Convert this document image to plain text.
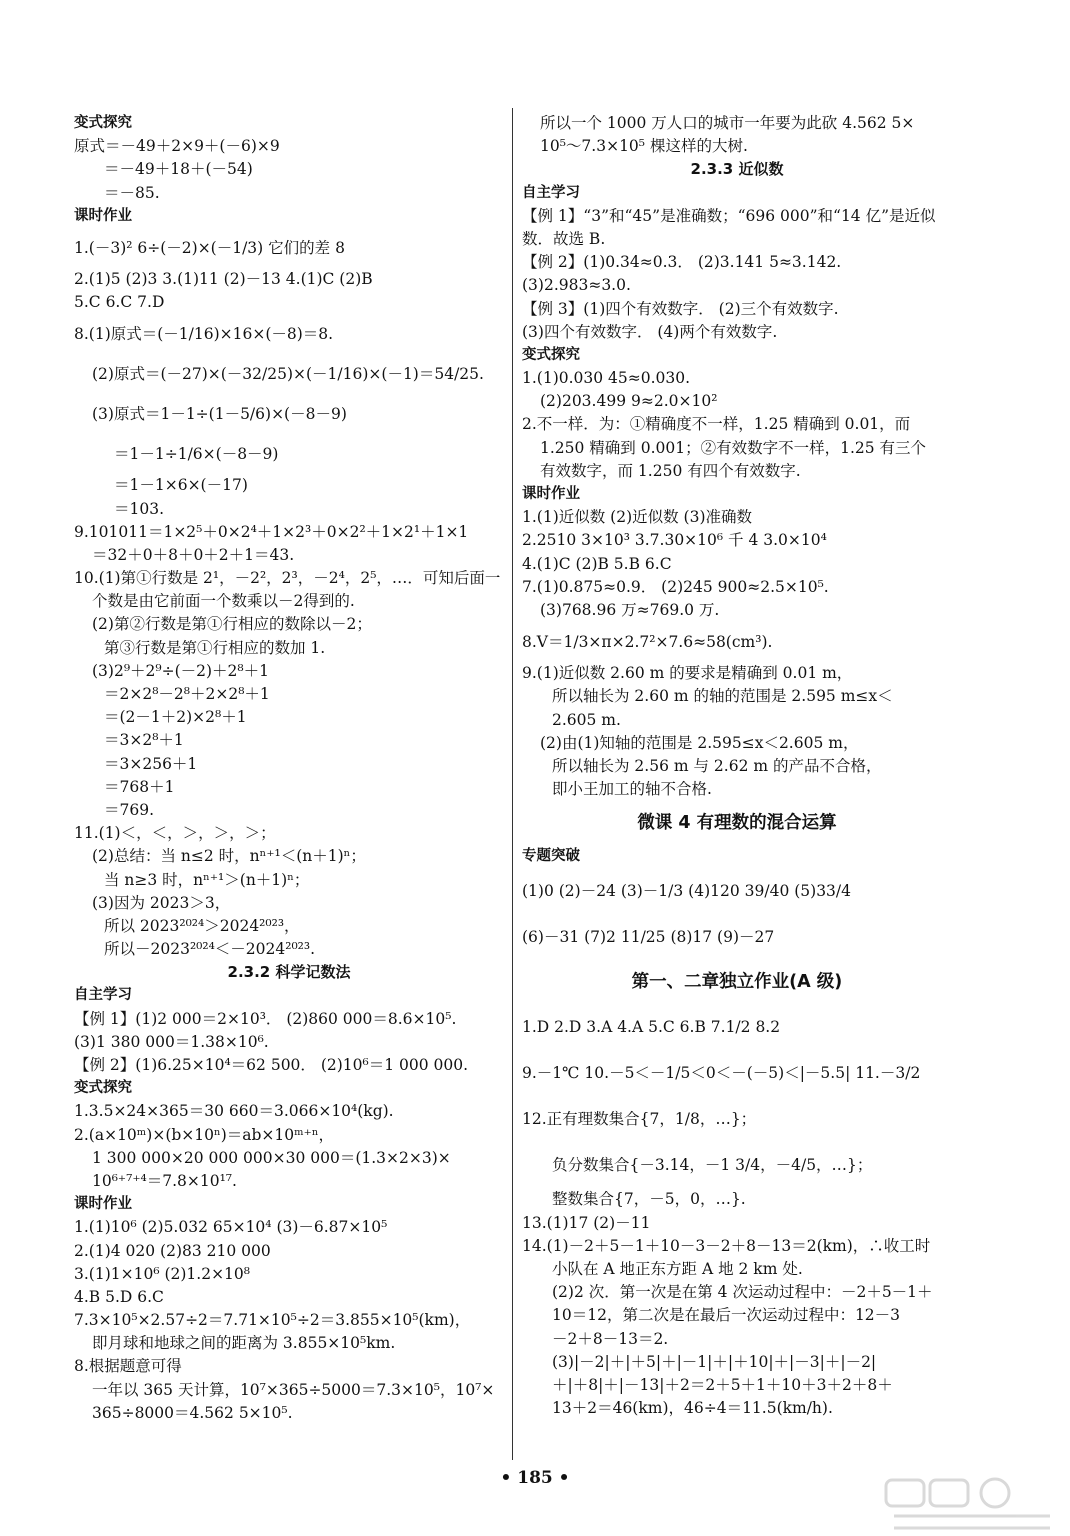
变式探究
原式＝－49＋2×9＋(－6)×9
＝－49＋18＋(－54)
＝－85.
课时作业
1.(－3)² 6÷(－2)×(－1/3) 它们的差 8
2.(1)5 (2)3 3.(1)11 (2)－13 4.(1)C (2)B
5.C 6.C 7.D
8.(1)原式＝(－1/16)×16×(－8)＝8.
(2)原式＝(－27)×(－32/25)×(－1/16)×(－1)＝54/25.
(3)原式＝1－1÷(1－5/6)×(－8－9)
＝1－1÷1/6×(－8－9)
＝1－1×6×(－17)
＝103.
9.101011＝1×2⁵＋0×2⁴＋1×2³＋0×2²＋1×2¹＋1×1
＝32＋0＋8＋0＋2＋1＝43.
10.(1)第①行数是 2¹，－2²，2³，－2⁴，2⁵，…．可知后面一
个数是由它前面一个数乘以－2得到的.
(2)第②行数是第①行相应的数除以－2；
第③行数是第①行相应的数加 1.
(3)2⁹＋2⁹÷(－2)＋2⁸＋1
＝2×2⁸－2⁸＋2×2⁸＋1
＝(2－1＋2)×2⁸＋1
＝3×2⁸＋1
＝3×256＋1
＝768＋1
＝769.
11.(1)＜，＜，＞，＞，＞；
(2)总结：当 n≤2 时，nⁿ⁺¹＜(n＋1)ⁿ；
当 n≥3 时，nⁿ⁺¹＞(n＋1)ⁿ；
(3)因为 2023＞3，
所以 2023²⁰²⁴＞2024²⁰²³，
所以－2023²⁰²⁴＜－2024²⁰²³.
2.3.2 科学记数法
自主学习
【例 1】(1)2 000＝2×10³． (2)860 000＝8.6×10⁵.
(3)1 380 000＝1.38×10⁶.
【例 2】(1)6.25×10⁴＝62 500． (2)10⁶＝1 000 000.
变式探究
1.3.5×24×365＝30 660＝3.066×10⁴(kg).
2.(a×10ᵐ)×(b×10ⁿ)＝ab×10ᵐ⁺ⁿ，
1 300 000×20 000 000×30 000＝(1.3×2×3)×
10⁶⁺⁷⁺⁴＝7.8×10¹⁷.
课时作业
1.(1)10⁶ (2)5.032 65×10⁴ (3)－6.87×10⁵
2.(1)4 020 (2)83 210 000
3.(1)1×10⁶ (2)1.2×10⁸
4.B 5.D 6.C
7.3×10⁵×2.57÷2＝7.71×10⁵÷2＝3.855×10⁵(km)，
即月球和地球之间的距离为 3.855×10⁵km.
8.根据题意可得
一年以 365 天计算，10⁷×365÷5000＝7.3×10⁵，10⁷×
365÷8000＝4.562 5×10⁵.
所以一个 1000 万人口的城市一年要为此砍 4.562 5×
10⁵～7.3×10⁵ 棵这样的大树.
2.3.3 近似数
自主学习
【例 1】“3”和“45”是准确数；“696 000”和“14 亿”是近似
数．故选 B.
【例 2】(1)0.34≈0.3． (2)3.141 5≈3.142.
(3)2.983≈3.0.
【例 3】(1)四个有效数字． (2)三个有效数字.
(3)四个有效数字． (4)两个有效数字.
变式探究
1.(1)0.030 45≈0.030.
(2)203.499 9≈2.0×10²
2.不一样．为：①精确度不一样，1.25 精确到 0.01，而
1.250 精确到 0.001；②有效数字不一样，1.25 有三个
有效数字，而 1.250 有四个有效数字.
课时作业
1.(1)近似数 (2)近似数 (3)准确数
2.2510 3×10³ 3.7.30×10⁶ 千 4 3.0×10⁴
4.(1)C (2)B 5.B 6.C
7.(1)0.875≈0.9． (2)245 900≈2.5×10⁵.
(3)768.96 万≈769.0 万.
8.V＝1/3×π×2.7²×7.6≈58(cm³).
9.(1)近似数 2.60 m 的要求是精确到 0.01 m，
所以轴长为 2.60 m 的轴的范围是 2.595 m≤x＜
2.605 m.
(2)由(1)知轴的范围是 2.595≤x＜2.605 m，
所以轴长为 2.56 m 与 2.62 m 的产品不合格，
即小王加工的轴不合格.
微课 4 有理数的混合运算
专题突破
(1)0 (2)－24 (3)－1/3 (4)120 39/40 (5)33/4
(6)－31 (7)2 11/25 (8)17 (9)－27
第一、二章独立作业(A 级)
1.D 2.D 3.A 4.A 5.C 6.B 7.1/2 8.2
9.－1℃ 10.－5＜－1/5＜0＜－(－5)＜|－5.5| 11.－3/2
12.正有理数集合{7，1/8，…}；
负分数集合{－3.14，－1 3/4，－4/5，…}；
整数集合{7，－5，0，…}.
13.(1)17 (2)－11
14.(1)－2＋5－1＋10－3－2＋8－13＝2(km)，∴收工时
小队在 A 地正东方距 A 地 2 km 处.
(2)2 次．第一次是在第 4 次运动过程中：－2＋5－1＋
10＝12，第二次是在最后一次运动过程中：12－3
－2＋8－13＝2.
(3)|－2|＋|＋5|＋|－1|＋|＋10|＋|－3|＋|－2|
＋|＋8|＋|－13|＋2＝2＋5＋1＋10＋3＋2＋8＋
13＋2＝46(km)，46÷4＝11.5(km/h).
• 185 •
